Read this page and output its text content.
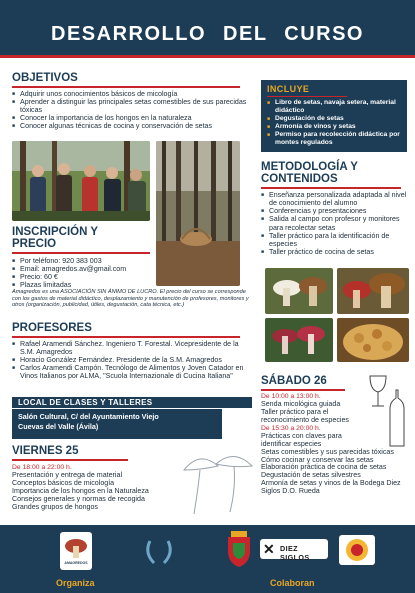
DESARROLLO DEL CURSO
OBJETIVOS
■ Adquirir unos conocimientos básicos de micología
■ Aprender a distinguir las principales setas comestibles de sus parecidas tóxicas
■ Conocer la importancia de los hongos en la naturaleza
■ Conocer algunas técnicas de cocina y conservación de setas
INCLUYE
■ Libro de setas, navaja setera, material didáctico
■ Degustación de setas
■ Armonía de vinos y setas
■ Permiso para recolección didáctica por montes regulados
METODOLOGÍA Y
CONTENIDOS
■ Enseñanza personalizada adaptada al nivel de conocimiento del alumno
■ Conferencias y presentaciones
■ Salida al campo con profesor y monitores para recolectar setas
■ Taller práctico para la identificación de especies
■ Taller práctico de cocina de setas
INSCRIPCIÓN Y
PRECIO
■ Por teléfono: 920 383 003
■ Email: amagredos.av@gmail.com
■ Precio: 60 €
■ Plazas limitadas
Amagredos es una ASOCIACIÓN SIN ÁNIMO DE LUCRO. El precio del curso se corresponde con los gastos de material didáctico, desplazamiento y manutención de profesores, monitores y otros (organización, publicidad, útiles, degustación, cata técnica, etc.)
PROFESORES
■ Rafael Aramendi Sánchez. Ingeniero T. Forestal. Vicepresidente de la S.M. Amagredos
■ Horacio González Fernández. Presidente de la S.M. Amagredos
■ Carlos Aramendi Campón. Tecnólogo de Alimentos y Joven Catador en Vinos Italianos por ALMA, "Scuola Internazionale di Cucina Italiana"	SÁBADO 26
De 10:00 a 13:00 h.
Senda micológica guiada
Taller práctico para el reconocimiento de especies
De 15:30 a 20:00 h.
Prácticas con claves para identificar especies
Setas comestibles y sus parecidas tóxicas
Cómo cocinar y conservar las setas
Elaboración práctica de cocina de setas
Degustación de setas silvestres
Armonía de setas y vinos de la Bodega Diez Siglos D.O. Rueda
LOCAL DE CLASES Y TALLERES
Salón Cultural, C/ del Ayuntamiento Viejo
Cuevas del Valle (Ávila)
VIERNES 25
De 18:00 a 22:00 h.
Presentación y entrega de material
Conceptos básicos de micología
Importancia de los hongos en la Naturaleza
Consejos generales y normas de recogida
Grandes grupos de hongos
AMAGREDOS
✕ DIEZ SIGLOS
Organiza	Colaboran
